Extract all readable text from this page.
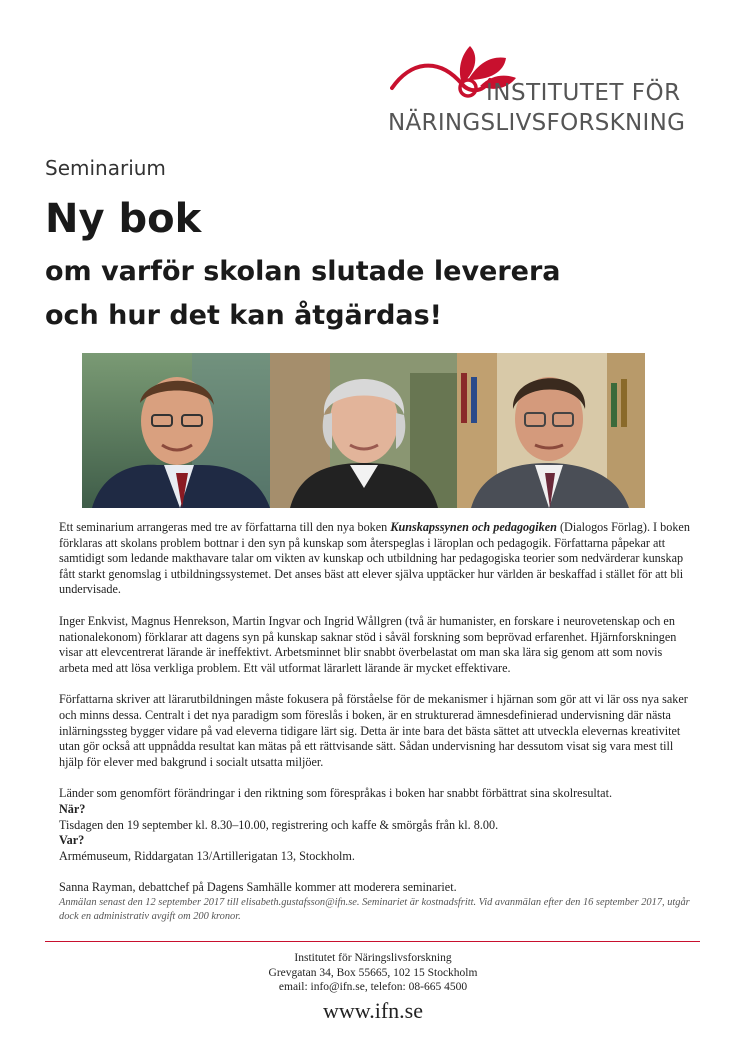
INSTITUTET FÖR
NÄRINGSLIVSFORSKNING
Seminarium
Ny bok
om varför skolan slutade leverera
och hur det kan åtgärdas!

Ett seminarium arrangeras med tre av författarna till den nya boken Kunskapssynen och pedagogiken (Dialogos Förlag). I boken förklaras att skolans problem bottnar i den syn på kunskap som återspeglas i läroplan och pedagogik. Författarna påpekar att samtidigt som ledande makthavare talar om vikten av kunskap och utbildning har pedagogiska teorier som nedvärderar kunskap fått starkt genomslag i utbildningssystemet. Det anses bäst att elever själva upptäcker hur världen är beskaffad i stället för att bli undervisade.

Inger Enkvist, Magnus Henrekson, Martin Ingvar och Ingrid Wållgren (två är humanister, en forskare i neurovetenskap och en nationalekonom) förklarar att dagens syn på kunskap saknar stöd i såväl forskning som beprövad erfarenhet. Hjärnforskningen visar att elevcentrerat lärande är ineffektivt. Arbetsminnet blir snabbt överbelastat om man ska lära sig genom att som novis arbeta med att lösa verkliga problem. Ett väl utformat lärarlett lärande är mycket effektivare.

Författarna skriver att lärarutbildningen måste fokusera på förståelse för de mekanismer i hjärnan som gör att vi lär oss nya saker och minns dessa. Centralt i det nya paradigm som föreslås i boken, är en strukturerad ämnesdefinierad undervisning där nästa inlärningssteg bygger vidare på vad eleverna tidigare lärt sig. Detta är inte bara det bästa sättet att utveckla elevernas kreativitet utan gör också att uppnådda resultat kan mätas på ett rättvisande sätt. Sådan undervisning har dessutom visat sig vara mest till hjälp för elever med bakgrund i socialt utsatta miljöer.

Länder som genomfört förändringar i den riktning som förespråkas i boken har snabbt förbättrat sina skolresultat.

När?

Tisdagen den 19 september kl. 8.30–10.00, registrering och kaffe & smörgås från kl. 8.00.

Var?

Armémuseum, Riddargatan 13/Artillerigatan 13, Stockholm.

Sanna Rayman, debattchef på Dagens Samhälle kommer att moderera seminariet.

Anmälan senast den 12 september 2017 till elisabeth.gustafsson@ifn.se. Seminariet är kostnadsfritt. Vid avanmälan efter den 16 september 2017, utgår dock en administrativ avgift om 200 kronor.

Institutet för Näringslivsforskning
Grevgatan 34, Box 55665, 102 15 Stockholm
email: info@ifn.se, telefon: 08-665 4500
www.ifn.se
